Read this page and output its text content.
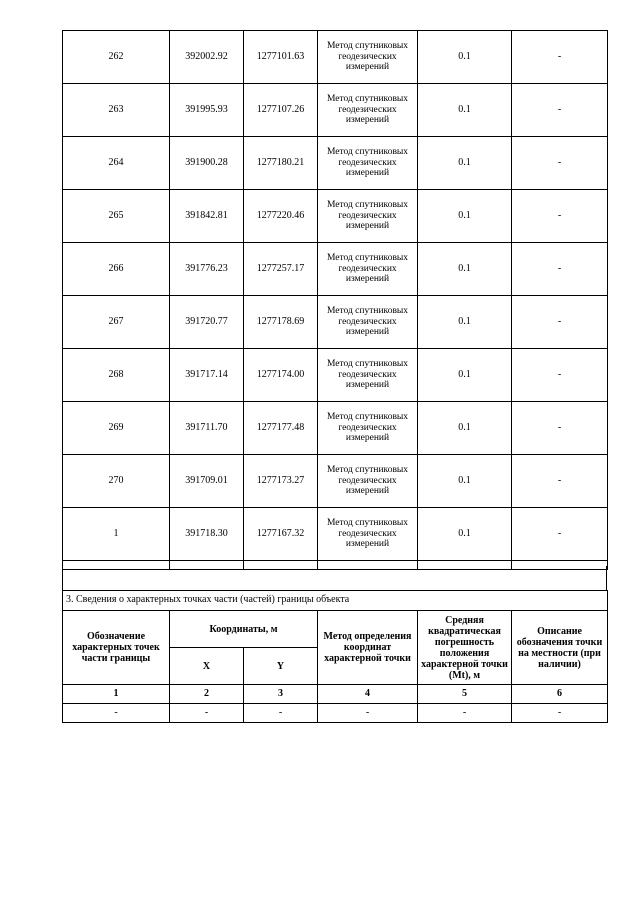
262	392002.92	1277101.63	Метод спутниковых геодезических измерений	0.1	-
263	391995.93	1277107.26	Метод спутниковых геодезических измерений	0.1	-
264	391900.28	1277180.21	Метод спутниковых геодезических измерений	0.1	-
265	391842.81	1277220.46	Метод спутниковых геодезических измерений	0.1	-
266	391776.23	1277257.17	Метод спутниковых геодезических измерений	0.1	-
267	391720.77	1277178.69	Метод спутниковых геодезических измерений	0.1	-
268	391717.14	1277174.00	Метод спутниковых геодезических измерений	0.1	-
269	391711.70	1277177.48	Метод спутниковых геодезических измерений	0.1	-
270	391709.01	1277173.27	Метод спутниковых геодезических измерений	0.1	-
1	391718.30	1277167.32	Метод спутниковых геодезических измерений	0.1	-

3. Сведения о характерных точках части (частей) границы объекта					
Обозначение характерных точек части границы	Координаты, м		Метод определения координат характерной точки	Средняя квадратическая погрешность положения характерной точки (Mt), м	Описание обозначения точки на местности (при наличии)
	X	Y			
1	2	3	4	5	6
-	-	-	-	-	-
